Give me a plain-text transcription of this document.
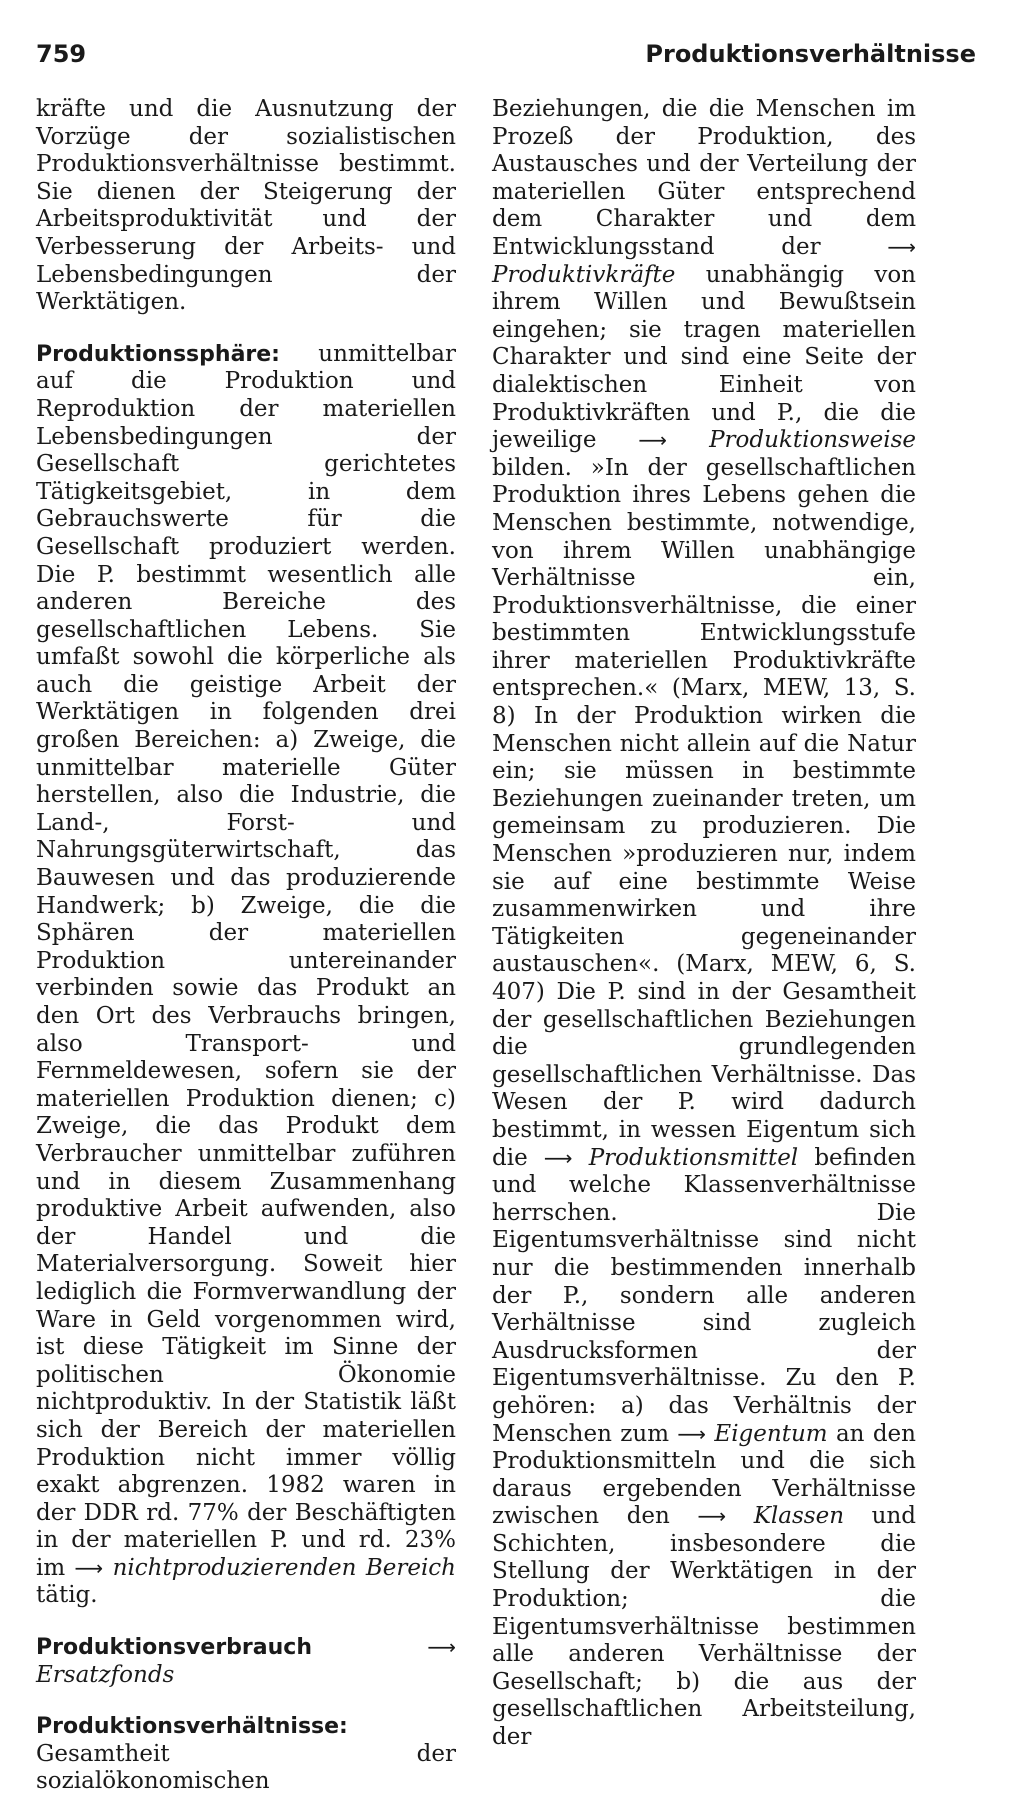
759	Produktionsverhältnisse

kräfte und die Ausnutzung der Vorzüge der sozialistischen Produktionsverhältnisse bestimmt. Sie dienen der Steigerung der Arbeitsproduktivität und der Verbesserung der Arbeits- und Lebensbedingungen der Werktätigen.

Produktionssphäre: unmittelbar auf die Produktion und Reproduktion der materiellen Lebensbedingungen der Gesellschaft gerichtetes Tätigkeitsgebiet, in dem Gebrauchswerte für die Gesellschaft produziert werden. Die P. bestimmt wesentlich alle anderen Bereiche des gesellschaftlichen Lebens. Sie umfaßt sowohl die körperliche als auch die geistige Arbeit der Werktätigen in folgenden drei großen Bereichen: a) Zweige, die unmittelbar materielle Güter herstellen, also die Industrie, die Land-, Forst- und Nahrungsgüterwirtschaft, das Bauwesen und das produzierende Handwerk; b) Zweige, die die Sphären der materiellen Produktion untereinander verbinden sowie das Produkt an den Ort des Verbrauchs bringen, also Transport- und Fernmeldewesen, sofern sie der materiellen Produktion dienen; c) Zweige, die das Produkt dem Verbraucher unmittelbar zuführen und in diesem Zusammenhang produktive Arbeit aufwenden, also der Handel und die Materialversorgung. Soweit hier lediglich die Formverwandlung der Ware in Geld vorgenommen wird, ist diese Tätigkeit im Sinne der politischen Ökonomie nichtproduktiv. In der Statistik läßt sich der Bereich der materiellen Produktion nicht immer völlig exakt abgrenzen. 1982 waren in der DDR rd. 77% der Beschäftigten in der materiellen P. und rd. 23% im ⟶ nichtproduzierenden Bereich tätig.

Produktionsverbrauch	⟶ Ersatzfonds

Produktionsverhältnisse: Gesamtheit der sozialökonomischen

Beziehungen, die die Menschen im Prozeß der Produktion, des Austausches und der Verteilung der materiellen Güter entsprechend dem Charakter und dem Entwicklungsstand der ⟶ Produktivkräfte unabhängig von ihrem Willen und Bewußtsein eingehen; sie tragen materiellen Charakter und sind eine Seite der dialektischen Einheit von Produktivkräften und P., die die jeweilige ⟶ Produktionsweise bilden. »In der gesellschaftlichen Produktion ihres Lebens gehen die Menschen bestimmte, notwendige, von ihrem Willen unabhängige Verhältnisse ein, Produktionsverhältnisse, die einer bestimmten Entwicklungsstufe ihrer materiellen Produktivkräfte entsprechen.« (Marx, MEW, 13, S. 8) In der Produktion wirken die Menschen nicht allein auf die Natur ein; sie müssen in bestimmte Beziehungen zueinander treten, um gemeinsam zu produzieren. Die Menschen »produzieren nur, indem sie auf eine bestimmte Weise zusammenwirken und ihre Tätigkeiten gegeneinander austauschen«. (Marx, MEW, 6, S. 407) Die P. sind in der Gesamtheit der gesellschaftlichen Beziehungen die grundlegenden gesellschaftlichen Verhältnisse. Das Wesen der P. wird dadurch bestimmt, in wessen Eigentum sich die ⟶ Produktionsmittel befinden und welche Klassenverhältnisse herrschen. Die Eigentumsverhältnisse sind nicht nur die bestimmenden innerhalb der P., sondern alle anderen Verhältnisse sind zugleich Ausdrucksformen der Eigentumsverhältnisse. Zu den P. gehören: a) das Verhältnis der Menschen zum ⟶ Eigentum an den Produktionsmitteln und die sich daraus ergebenden Verhältnisse zwischen den ⟶ Klassen und Schichten, insbesondere die Stellung der Werktätigen in der Produktion; die Eigentumsverhältnisse bestimmen alle anderen Verhältnisse der Gesellschaft; b) die aus der gesellschaftlichen Arbeitsteilung, der
